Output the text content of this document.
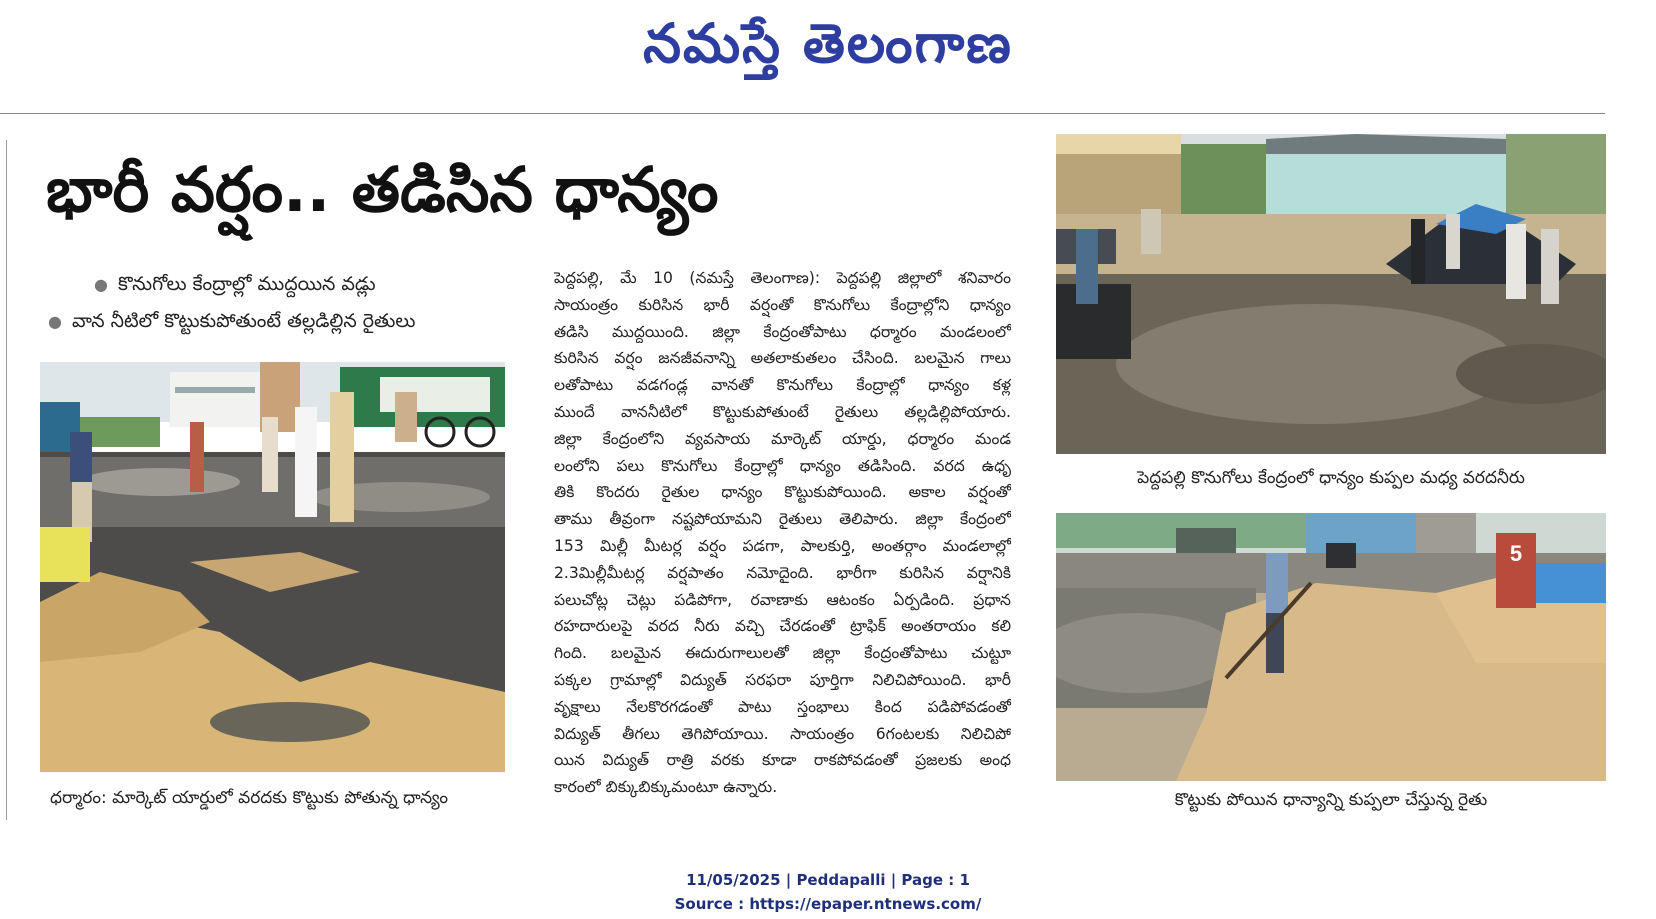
నమస్తే తెలంగాణ
భారీ వర్షం.. తడిసిన ధాన్యం
● కొనుగోలు కేంద్రాల్లో ముద్దయిన వడ్లు
● వాన నీటిలో కొట్టుకుపోతుంటే తల్లడిల్లిన రైతులు
పెద్దపల్లి కొనుగోలు కేంద్రంలో ధాన్యం కుప్పల మధ్య వరదనీరు
5
కొట్టుకు పోయిన ధాన్యాన్ని కుప్పలా చేస్తున్న రైతు
ధర్మారం: మార్కెట్ యార్డులో వరదకు కొట్టుకు పోతున్న ధాన్యం
పెద్దపల్లి, మే 10 (నమస్తే తెలంగాణ): పెద్దపల్లి జిల్లాలో శనివారం
సాయంత్రం కురిసిన భారీ వర్షంతో కొనుగోలు కేంద్రాల్లోని ధాన్యం
తడిసి ముద్దయింది. జిల్లా కేంద్రంతోపాటు ధర్మారం మండలంలో
కురిసిన వర్షం జనజీవనాన్ని అతలాకుతలం చేసింది. బలమైన గాలు
లతోపాటు వడగండ్ల వానతో కొనుగోలు కేంద్రాల్లో ధాన్యం కళ్ల
ముందే వాననీటిలో కొట్టుకుపోతుంటే రైతులు తల్లడిల్లిపోయారు.
జిల్లా కేంద్రంలోని వ్యవసాయ మార్కెట్ యార్డు, ధర్మారం మండ
లంలోని పలు కొనుగోలు కేంద్రాల్లో ధాన్యం తడిసింది. వరద ఉధృ
తికి కొందరు రైతుల ధాన్యం కొట్టుకుపోయింది. అకాల వర్షంతో
తాము తీవ్రంగా నష్టపోయామని రైతులు తెలిపారు. జిల్లా కేంద్రంలో
153 మిల్లీ మీటర్ల వర్షం పడగా, పాలకుర్తి, అంతర్గాం మండలాల్లో
2.3మిల్లీమీటర్ల వర్షపాతం నమోదైంది. భారీగా కురిసిన వర్షానికి
పలుచోట్ల చెట్లు పడిపోగా, రవాణాకు ఆటంకం ఏర్పడింది. ప్రధాన
రహదారులపై వరద నీరు వచ్చి చేరడంతో ట్రాఫిక్ అంతరాయం కలి
గింది. బలమైన ఈదురుగాలులతో జిల్లా కేంద్రంతోపాటు చుట్టూ
పక్కల గ్రామాల్లో విద్యుత్ సరఫరా పూర్తిగా నిలిచిపోయింది. భారీ
వృక్షాలు నేలకొరగడంతో పాటు స్తంభాలు కింద పడిపోవడంతో
విద్యుత్ తీగలు తెగిపోయాయి. సాయంత్రం 6గంటలకు నిలిచిపో
యిన విద్యుత్ రాత్రి వరకు కూడా రాకపోవడంతో ప్రజలకు అంధ
కారంలో బిక్కుబిక్కుమంటూ ఉన్నారు.
11/05/2025 | Peddapalli | Page : 1
Source : https://epaper.ntnews.com/
